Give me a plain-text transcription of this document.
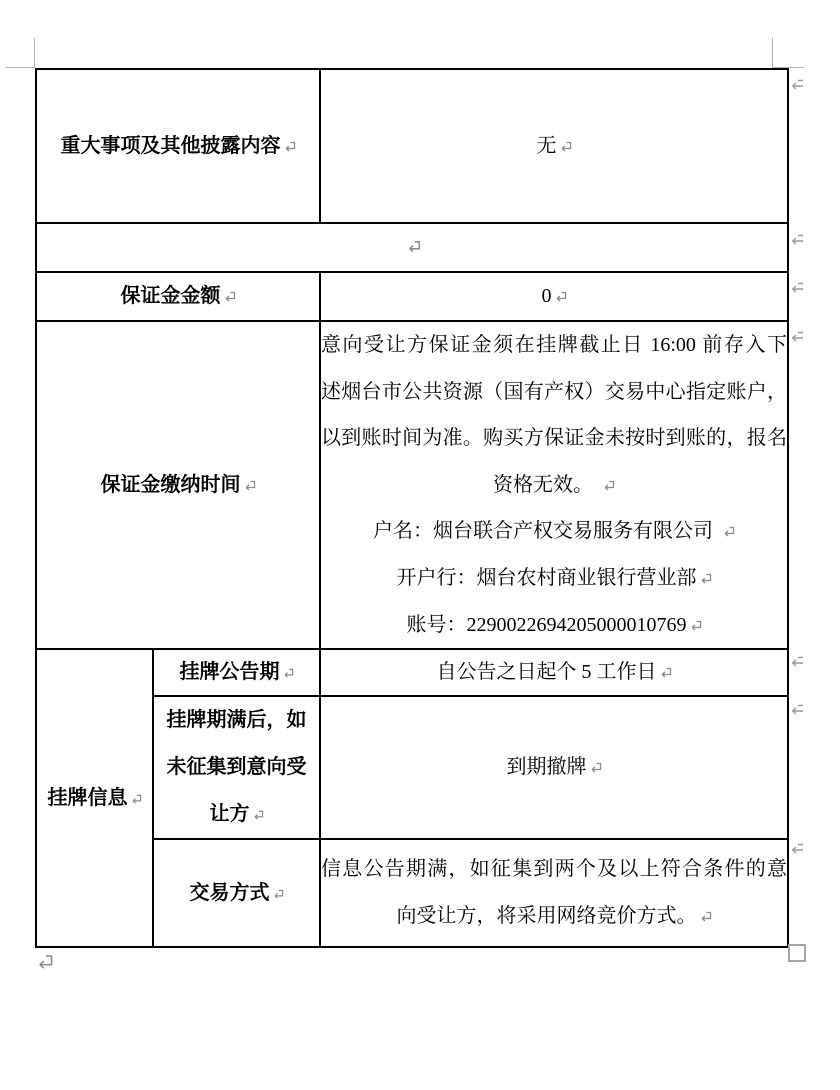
重大事项及其他披露内容		无

保证金金额		0
保证金缴纳时间	
意向受让方保证金须在挂牌截止日 16:00 前存入下
述烟台市公共资源（国有产权）交易中心指定账户，
以到账时间为准。购买方保证金未按时到账的，报名
资格无效。
户名：烟台联合产权交易服务有限公司
开户行：烟台农村商业银行营业部
账号：2290022694205000010769

挂牌信息	挂牌公告期	自公告之日起个 5 工作日

	挂牌期满后，如
未征集到意向受
让方	到期撤牌
	交易方式	信息公告期满，如征集到两个及以上符合条件的意
向受让方，将采用网络竞价方式。
